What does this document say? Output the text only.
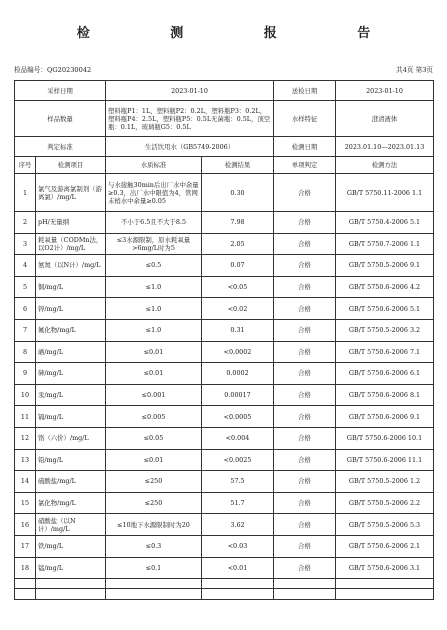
检 测 报 告
检品编号：QG20230042	共4页 第3页
采样日期		2023-01-10		送检日期	2023-01-10
样品数量		塑料瓶P1：1L，塑料瓶P2：0.2L，塑料瓶P3：0.2L，塑料瓶P4：2.5L，塑料瓶P5：0.5L无菌瓶：0.5L，顶空瓶：0.1L，玻璃瓶G5：0.5L		水样特征	澄清液体
判定标准		生活饮用水（GB5749-2006）		检测日期	2023.01.10—2023.01.13
序号	检测项目	水质标准	检测结果	单项判定	检测方法
1	氯气及游离氯制剂（游离氯）/mg/L	与水接触30min后出厂水中余量≥0.3，出厂水中限值为4，管网末梢水中余量≥0.05	0.30	合格	GB/T 5750.11-2006 1.1
2	pH/无量纲	不小于6.5且不大于8.5	7.98	合格	GB/T 5750.4-2006 5.1
3	耗氧量（CODMn法，以O2计）/mg/L	≤3水源限制，原水耗氧量>6mg/L时为5	2.05	合格	GB/T 5750.7-2006 1.1
4	氨氮（以N计）/mg/L	≤0.5	0.07	合格	GB/T 5750.5-2006 9.1
5	铜/mg/L	≤1.0	<0.05	合格	GB/T 5750.6-2006 4.2
6	锌/mg/L	≤1.0	<0.02	合格	GB/T 5750.6-2006 5.1
7	氟化物/mg/L	≤1.0	0.31	合格	GB/T 5750.5-2006 3.2
8	硒/mg/L	≤0.01	<0.0002	合格	GB/T 5750.6-2006 7.1
9	砷/mg/L	≤0.01	0.0002	合格	GB/T 5750.6-2006 6.1
10	汞/mg/L	≤0.001	0.00017	合格	GB/T 5750.6-2006 8.1
11	镉/mg/L	≤0.005	<0.0005	合格	GB/T 5750.6-2006 9.1
12	铬（六价）/mg/L	≤0.05	<0.004	合格	GB/T 5750.6-2006 10.1
13	铅/mg/L	≤0.01	<0.0025	合格	GB/T 5750.6-2006 11.1
14	硫酸盐/mg/L	≤250	57.5	合格	GB/T 5750.5-2006 1.2
15	氯化物/mg/L	≤250	51.7	合格	GB/T 5750.5-2006 2.2
16	硝酸盐（以N计）/mg/L	≤10地下水源限制时为20	3.62	合格	GB/T 5750.5-2006 5.3
17	铁/mg/L	≤0.3	<0.03	合格	GB/T 5750.6-2006 2.1
18	锰/mg/L	≤0.1	<0.01	合格	GB/T 5750.6-2006 3.1
